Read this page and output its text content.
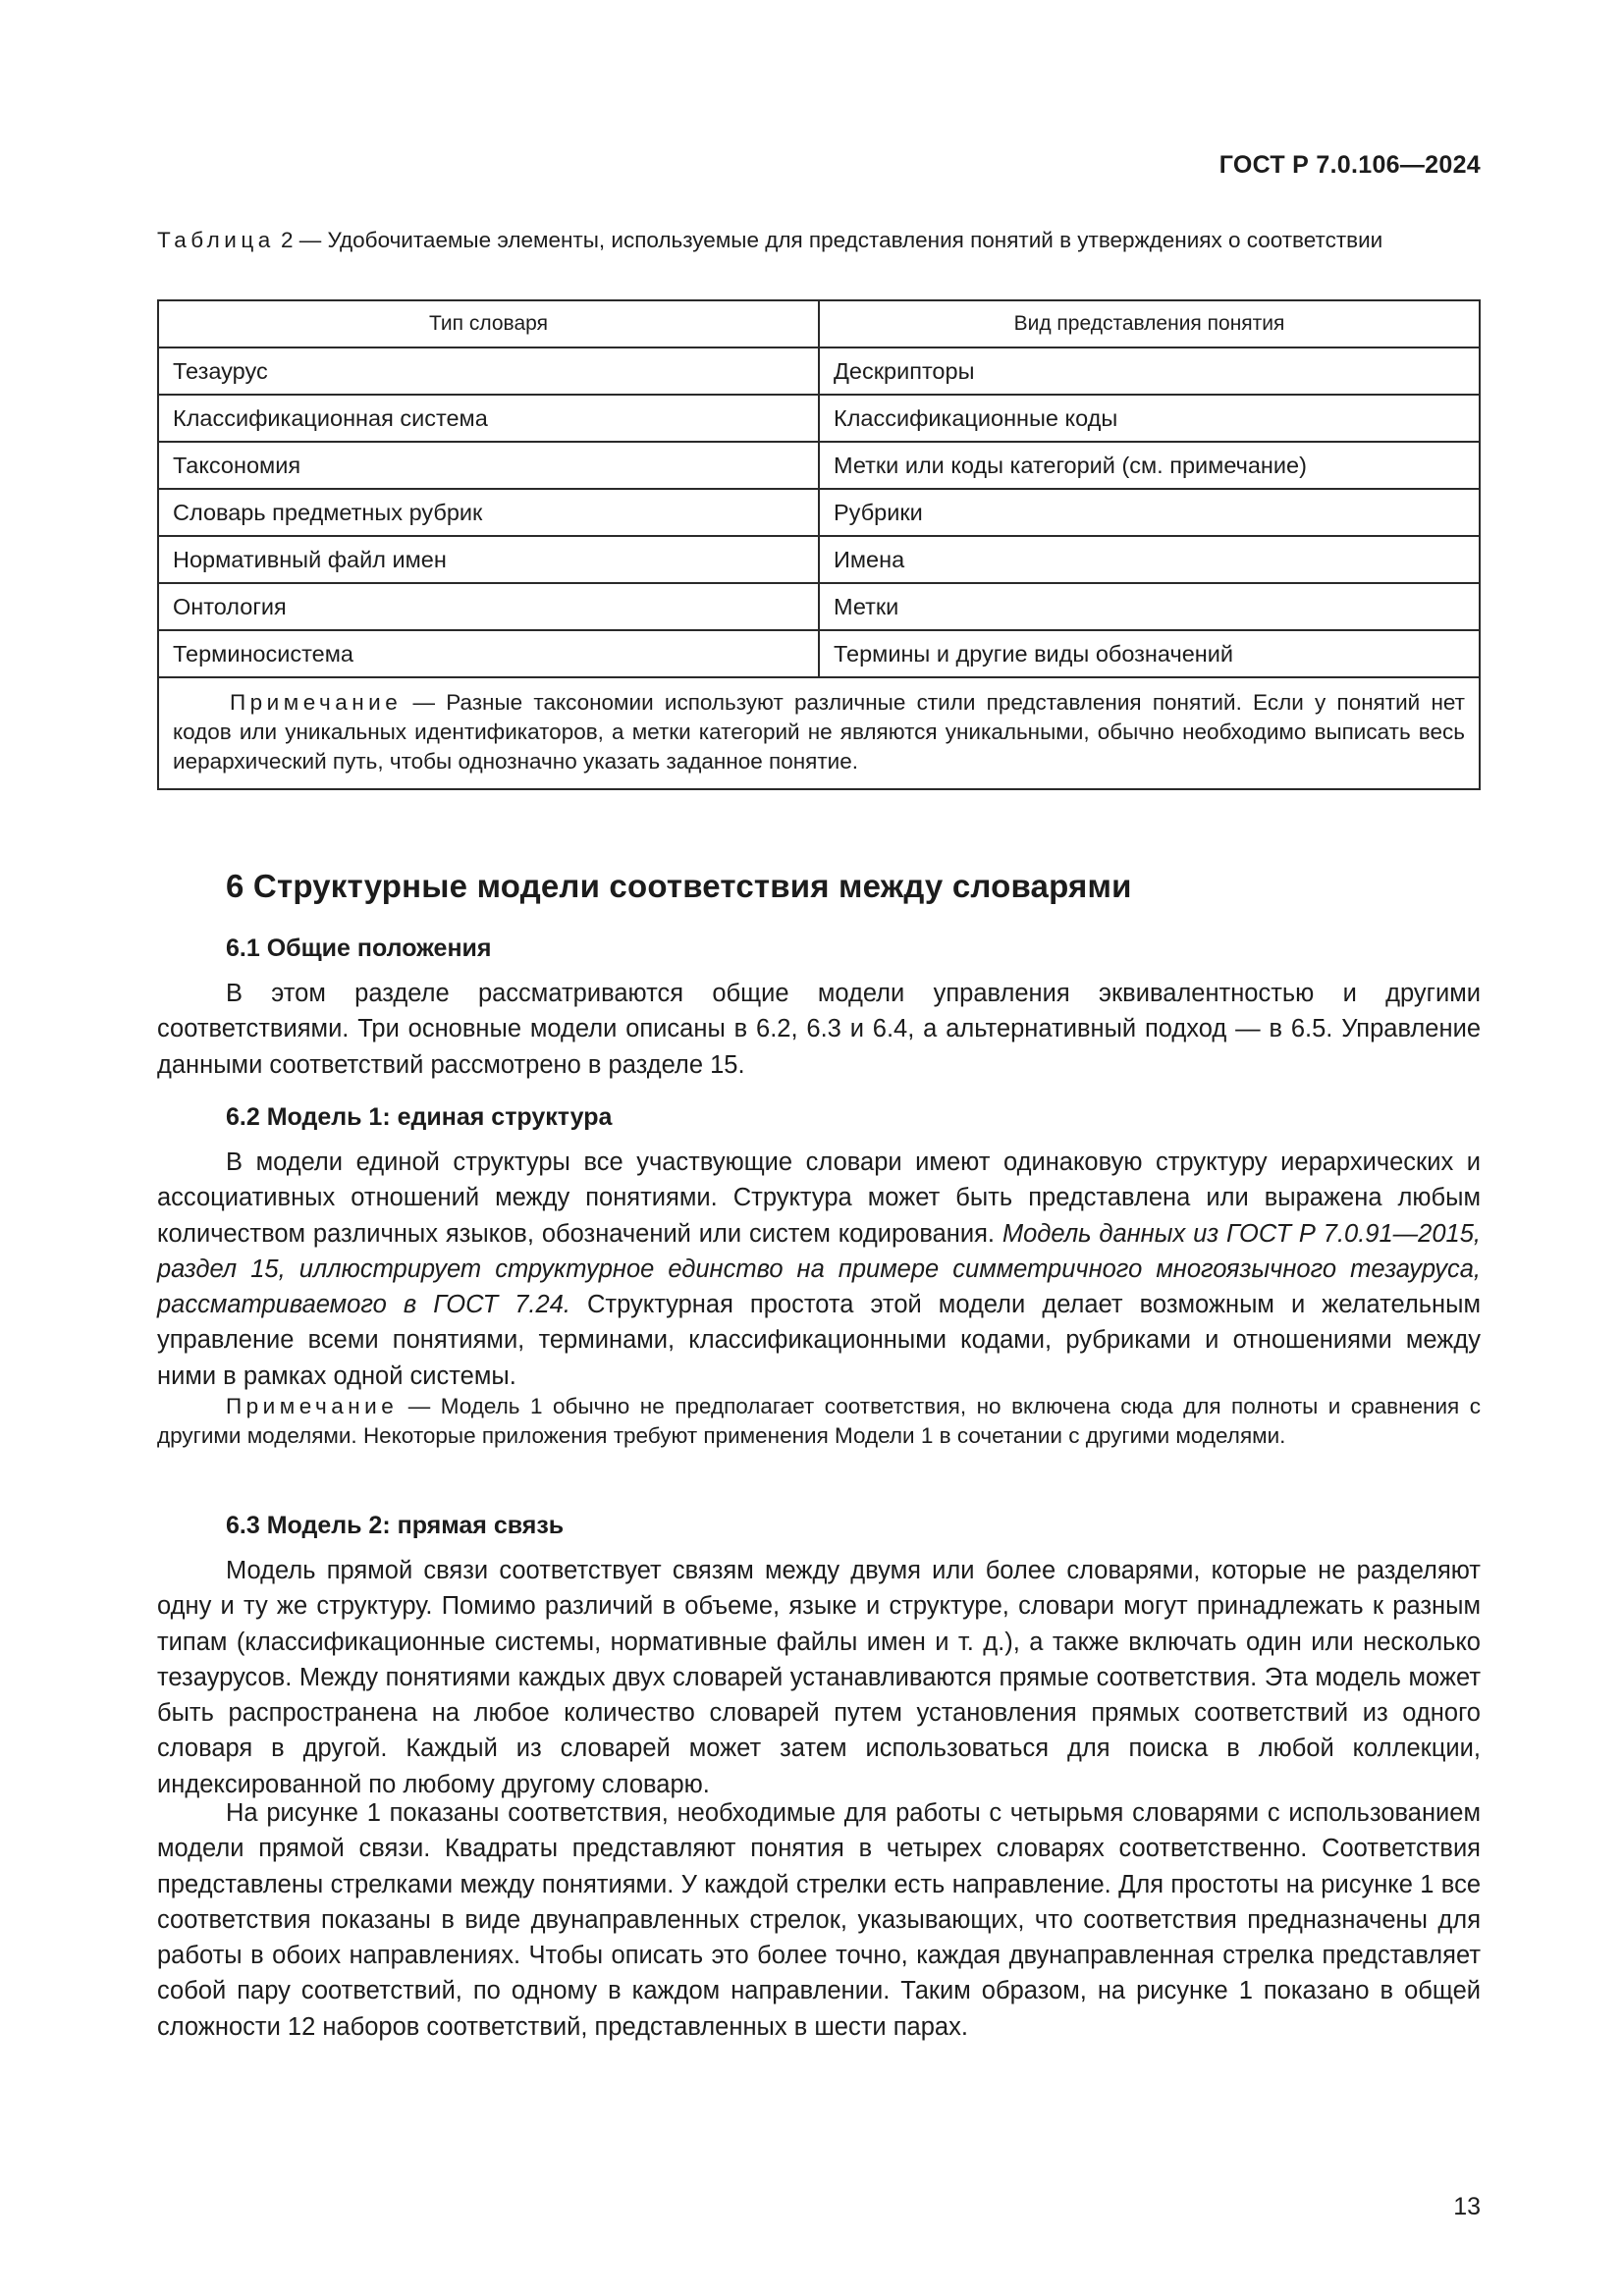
ГОСТ Р 7.0.106—2024
Таблица 2 — Удобочитаемые элементы, используемые для представления понятий в утверждениях о соответствии
Тип словаря	Вид представления понятия
Тезаурус	Дескрипторы
Классификационная система	Классификационные коды
Таксономия	Метки или коды категорий (см. примечание)
Словарь предметных рубрик	Рубрики
Нормативный файл имен	Имена
Онтология	Метки
Терминосистема	Термины и другие виды обозначений
Примечание — Разные таксономии используют различные стили представления понятий. Если у понятий нет кодов или уникальных идентификаторов, а метки категорий не являются уникальными, обычно необходимо выписать весь иерархический путь, чтобы однозначно указать заданное понятие.	
6 Структурные модели соответствия между словарями
6.1 Общие положения

В этом разделе рассматриваются общие модели управления эквивалентностью и другими соответствиями. Три основные модели описаны в 6.2, 6.3 и 6.4, а альтернативный подход — в 6.5. Управление данными соответствий рассмотрено в разделе 15.

6.2 Модель 1: единая структура

В модели единой структуры все участвующие словари имеют одинаковую структуру иерархических и ассоциативных отношений между понятиями. Структура может быть представлена или выражена любым количеством различных языков, обозначений или систем кодирования. Модель данных из ГОСТ Р 7.0.91—2015, раздел 15, иллюстрирует структурное единство на примере симметричного многоязычного тезауруса, рассматриваемого в ГОСТ 7.24. Структурная простота этой модели делает возможным и желательным управление всеми понятиями, терминами, классификационными кодами, рубриками и отношениями между ними в рамках одной системы.

Примечание — Модель 1 обычно не предполагает соответствия, но включена сюда для полноты и сравнения с другими моделями. Некоторые приложения требуют применения Модели 1 в сочетании с другими моделями.

6.3 Модель 2: прямая связь

Модель прямой связи соответствует связям между двумя или более словарями, которые не разделяют одну и ту же структуру. Помимо различий в объеме, языке и структуре, словари могут принадлежать к разным типам (классификационные системы, нормативные файлы имен и т. д.), а также включать один или несколько тезаурусов. Между понятиями каждых двух словарей устанавливаются прямые соответствия. Эта модель может быть распространена на любое количество словарей путем установления прямых соответствий из одного словаря в другой. Каждый из словарей может затем использоваться для поиска в любой коллекции, индексированной по любому другому словарю.

На рисунке 1 показаны соответствия, необходимые для работы с четырьмя словарями с использованием модели прямой связи. Квадраты представляют понятия в четырех словарях соответственно. Соответствия представлены стрелками между понятиями. У каждой стрелки есть направление. Для простоты на рисунке 1 все соответствия показаны в виде двунаправленных стрелок, указывающих, что соответствия предназначены для работы в обоих направлениях. Чтобы описать это более точно, каждая двунаправленная стрелка представляет собой пару соответствий, по одному в каждом направлении. Таким образом, на рисунке 1 показано в общей сложности 12 наборов соответствий, представленных в шести парах.

13
